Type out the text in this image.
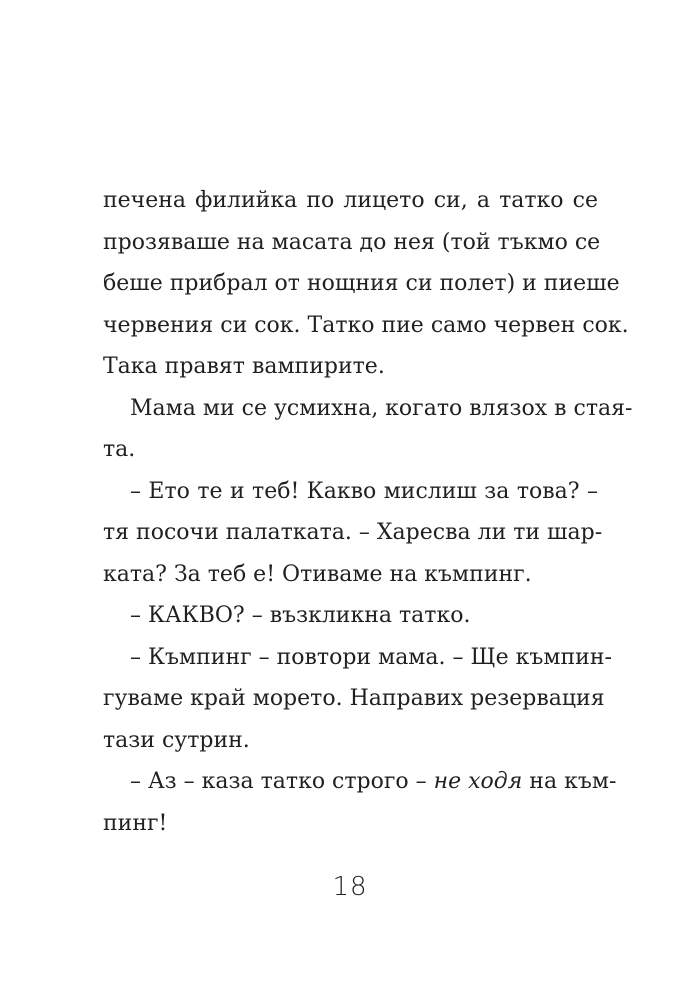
печена филийка по лицето си, а татко се
прозяваше на масата до нея (той тъкмо се
беше прибрал от нощния си полет) и пиеше
червения си сок. Татко пие само червен сок.
Така правят вампирите.
Мама ми се усмихна, когато влязох в стая-
та.
– Ето те и теб! Какво мислиш за това? –
тя посочи палатката. – Харесва ли ти шар-
ката? За теб е! Отиваме на къмпинг.
– КАКВО? – възкликна татко.
– Къмпинг – повтори мама. – Ще къмпин-
гуваме край морето. Направих резервация
тази сутрин.
– Аз – каза татко строго – не ходя на към-
пинг!
18
